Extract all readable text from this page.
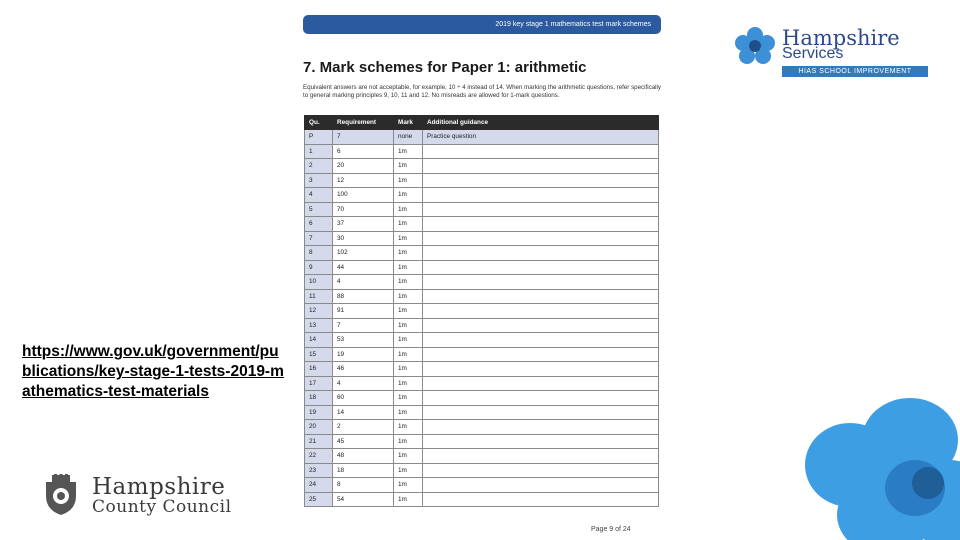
2019 key stage 1 mathematics test mark schemes
7. Mark schemes for Paper 1: arithmetic
Equivalent answers are not acceptable, for example, 10 ÷ 4 instead of 14. When marking the arithmetic questions, refer specifically to general marking principles 9, 10, 11 and 12. No misreads are allowed for 1-mark questions.
Qu.	Requirement	Mark	Additional guidance
P	7	none	Practice question
1	6	1m	
2	20	1m	
3	12	1m	
4	100	1m	
5	70	1m	
6	37	1m	
7	30	1m	
8	102	1m	
9	44	1m	
10	4	1m	
11	88	1m	
12	91	1m	
13	7	1m	
14	53	1m	
15	19	1m	
16	46	1m	
17	4	1m	
18	60	1m	
19	14	1m	
20	2	1m	
21	45	1m	
22	48	1m	
23	18	1m	
24	8	1m	
25	54	1m	
Page 9 of 24
https://www.gov.uk/government/publications/key-stage-1-tests-2019-mathematics-test-materials
Hampshire
Services
HIAS SCHOOL IMPROVEMENT
Hampshire
County Council
